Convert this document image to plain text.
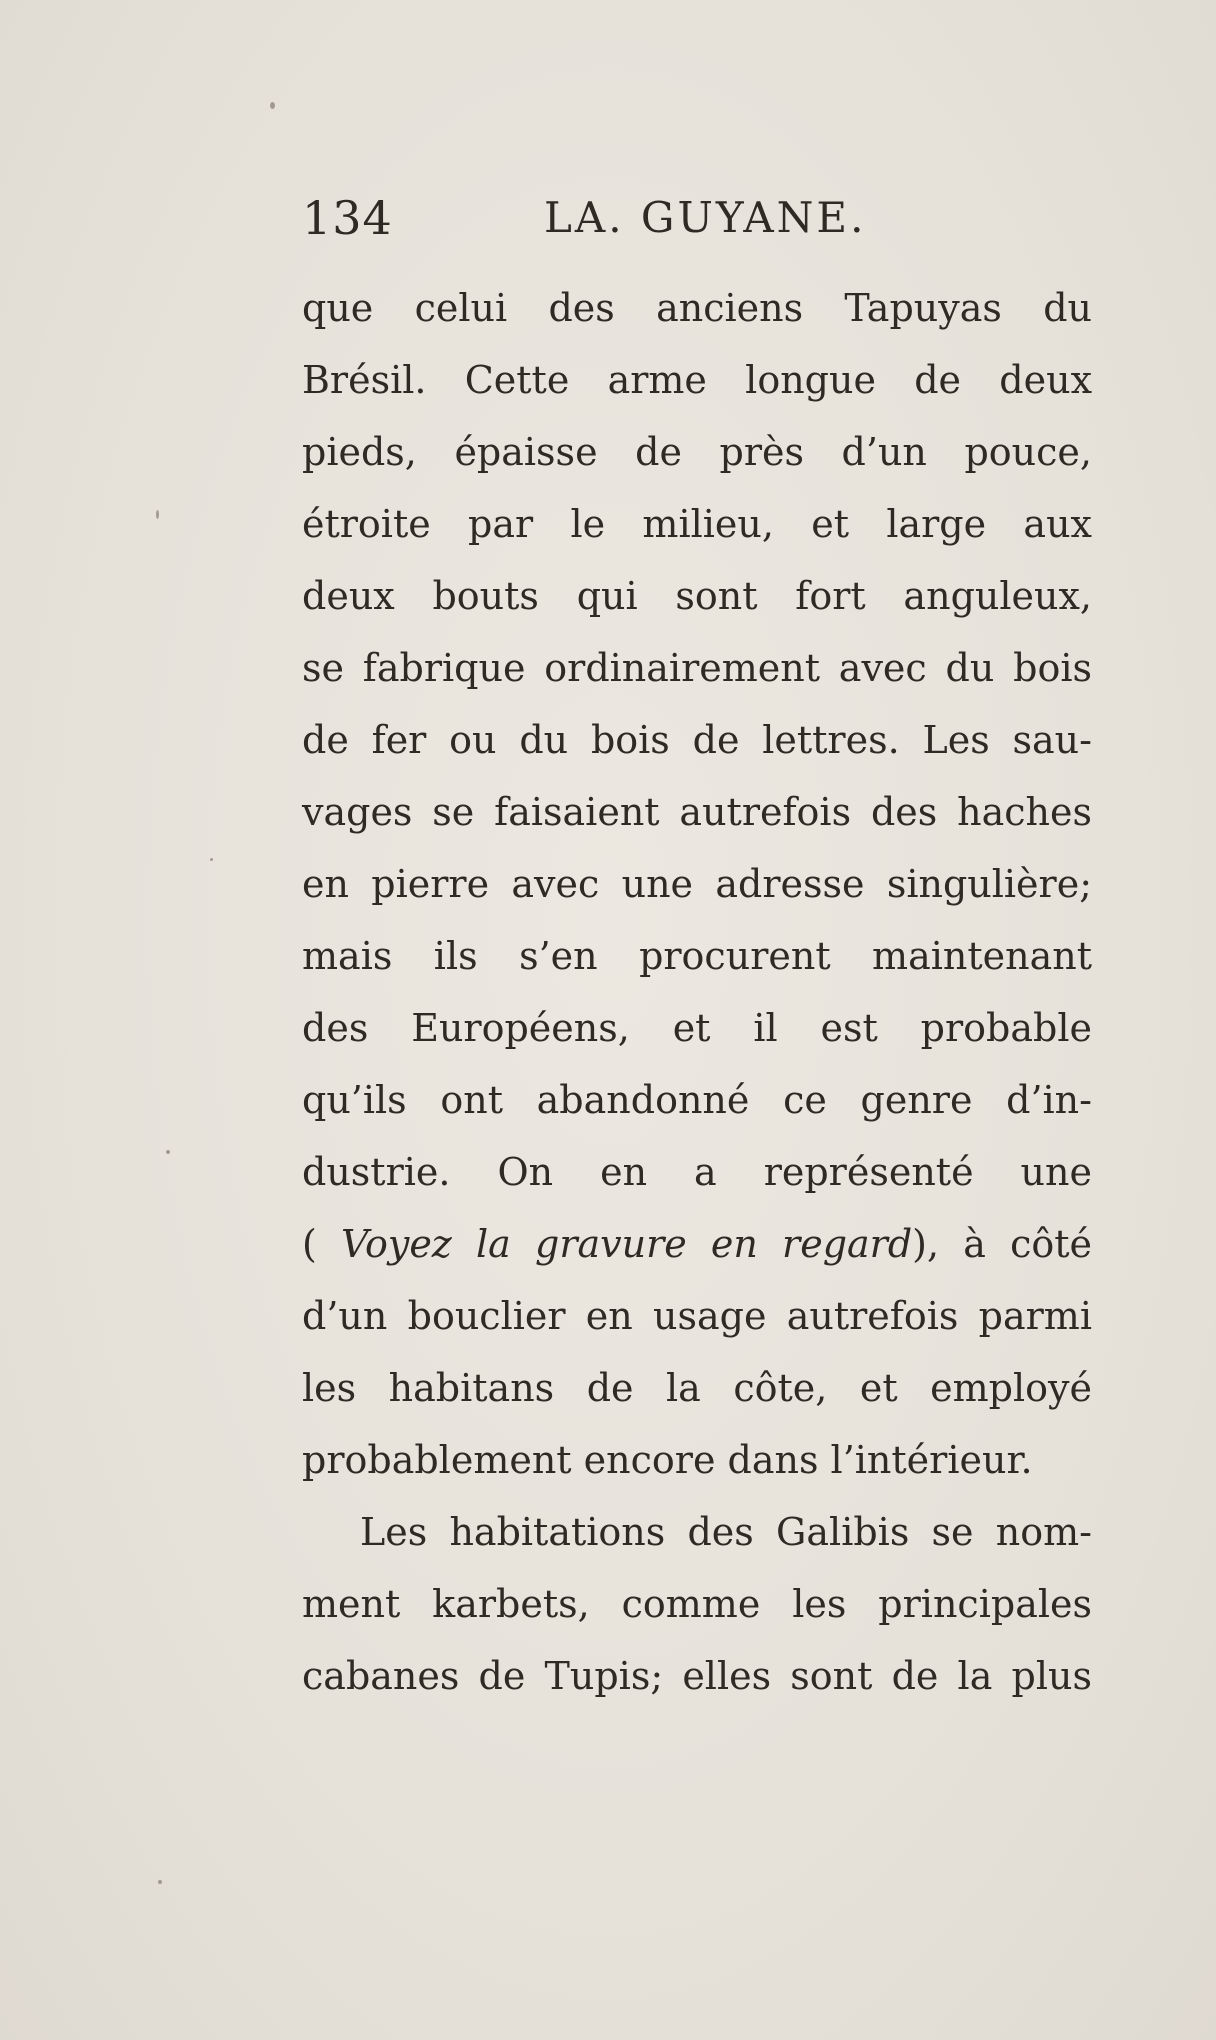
134	LA. GUYANE.
que celui des anciens Tapuyas du
Brésil. Cette arme longue de deux
pieds, épaisse de près d’un pouce,
étroite par le milieu, et large aux
deux bouts qui sont fort anguleux,
se fabrique ordinairement avec du bois
de fer ou du bois de lettres. Les sau-
vages se faisaient autrefois des haches
en pierre avec une adresse singulière;
mais ils s’en procurent maintenant
des Européens, et il est probable
qu’ils ont abandonné ce genre d’in-
dustrie. On en a représenté une
( Voyez la gravure en regard), à côté
d’un bouclier en usage autrefois parmi
les habitans de la côte, et employé
probablement encore dans l’intérieur.
Les habitations des Galibis se nom-
ment karbets, comme les principales
cabanes de Tupis; elles sont de la plus
